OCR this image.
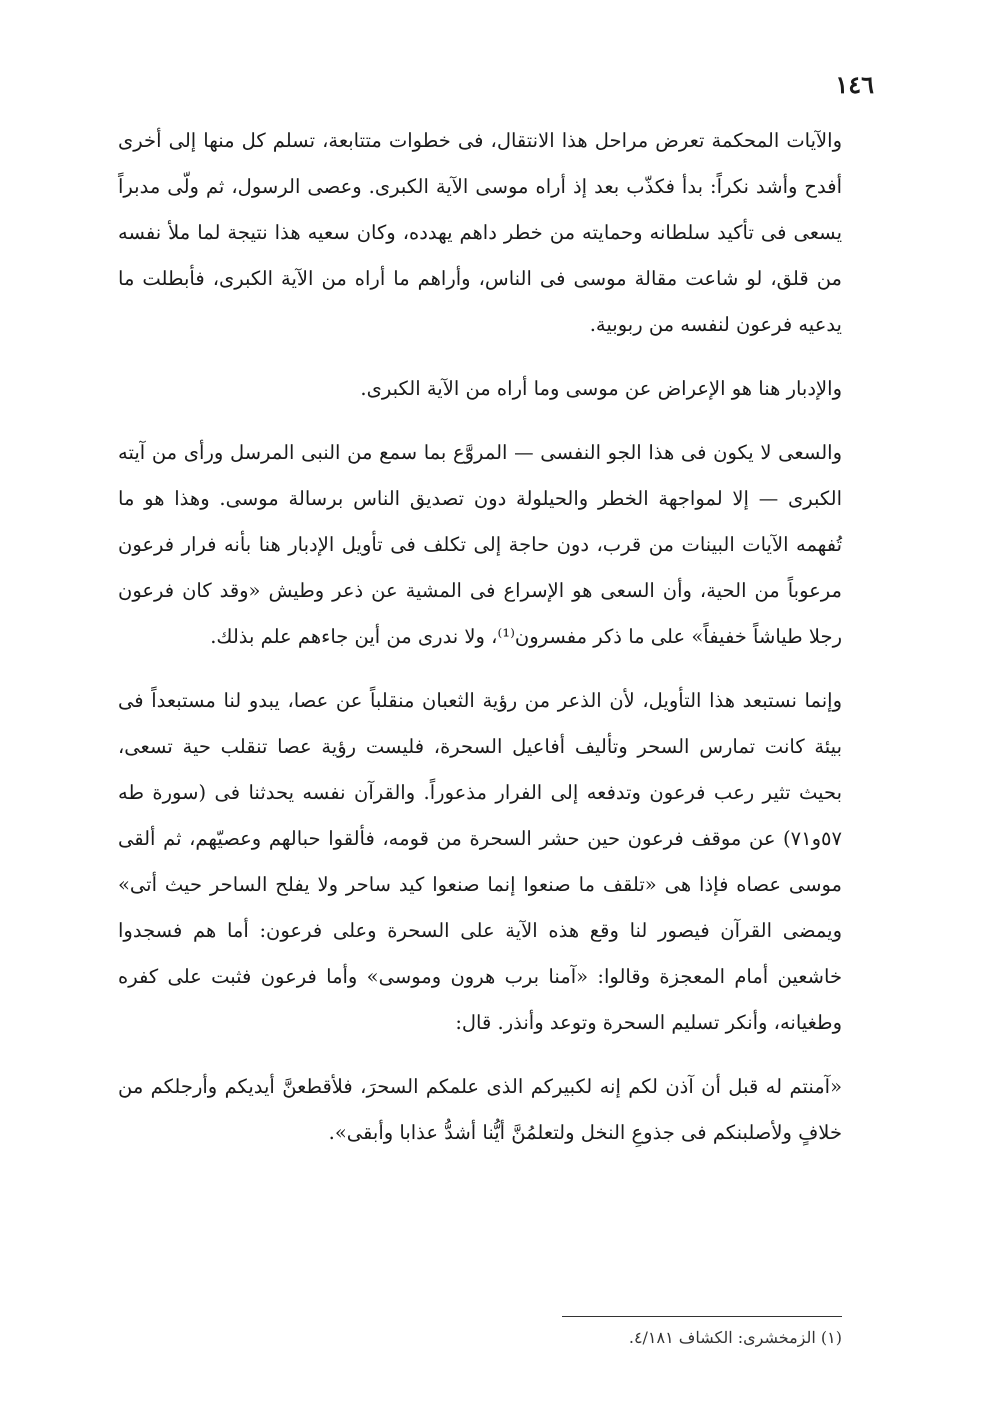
١٤٦

والآيات المحكمة تعرض مراحل هذا الانتقال، فى خطوات متتابعة، تسلم كل منها إلى أخرى أفدح وأشد نكراً: بدأ فكذّب بعد إذ أراه موسى الآية الكبرى. وعصى الرسول، ثم ولّى مدبراً يسعى فى تأكيد سلطانه وحمايته من خطر داهم يهدده، وكان سعيه هذا نتيجة لما ملأ نفسه من قلق، لو شاعت مقالة موسى فى الناس، وأراهم ما أراه من الآية الكبرى، فأبطلت ما يدعيه فرعون لنفسه من ربوبية.

والإدبار هنا هو الإعراض عن موسى وما أراه من الآية الكبرى.

والسعى لا يكون فى هذا الجو النفسى — المروَّع بما سمع من النبى المرسل ورأى من آيته الكبرى — إلا لمواجهة الخطر والحيلولة دون تصديق الناس برسالة موسى. وهذا هو ما تُفهمه الآيات البينات من قرب، دون حاجة إلى تكلف فى تأويل الإدبار هنا بأنه فرار فرعون مرعوباً من الحية، وأن السعى هو الإسراع فى المشية عن ذعر وطيش «وقد كان فرعون رجلا طياشاً خفيفاً» على ما ذكر مفسرون⁽¹⁾، ولا ندرى من أين جاءهم علم بذلك.

وإنما نستبعد هذا التأويل، لأن الذعر من رؤية الثعبان منقلباً عن عصا، يبدو لنا مستبعداً فى بيئة كانت تمارس السحر وتأليف أفاعيل السحرة، فليست رؤية عصا تنقلب حية تسعى، بحيث تثير رعب فرعون وتدفعه إلى الفرار مذعوراً. والقرآن نفسه يحدثنا فى (سورة طه ٥٧و٧١) عن موقف فرعون حين حشر السحرة من قومه، فألقوا حبالهم وعصيّهم، ثم ألقى موسى عصاه فإذا هى «تلقف ما صنعوا إنما صنعوا كيد ساحر ولا يفلح الساحر حيث أتى» ويمضى القرآن فيصور لنا وقع هذه الآية على السحرة وعلى فرعون: أما هم فسجدوا خاشعين أمام المعجزة وقالوا: «آمنا برب هرون وموسى» وأما فرعون فثبت على كفره وطغيانه، وأنكر تسليم السحرة وتوعد وأنذر. قال:

«آمنتم له قبل أن آذن لكم إنه لكبيركم الذى علمكم السحرَ، فلأقطعنَّ أيديكم وأرجلكم من خلافٍ ولأصلبنكم فى جذوعِ النخل ولتعلمُنَّ أيُّنا أشدُّ عذابا وأبقى».

(١) الزمخشرى: الكشاف ٤/١٨١.
